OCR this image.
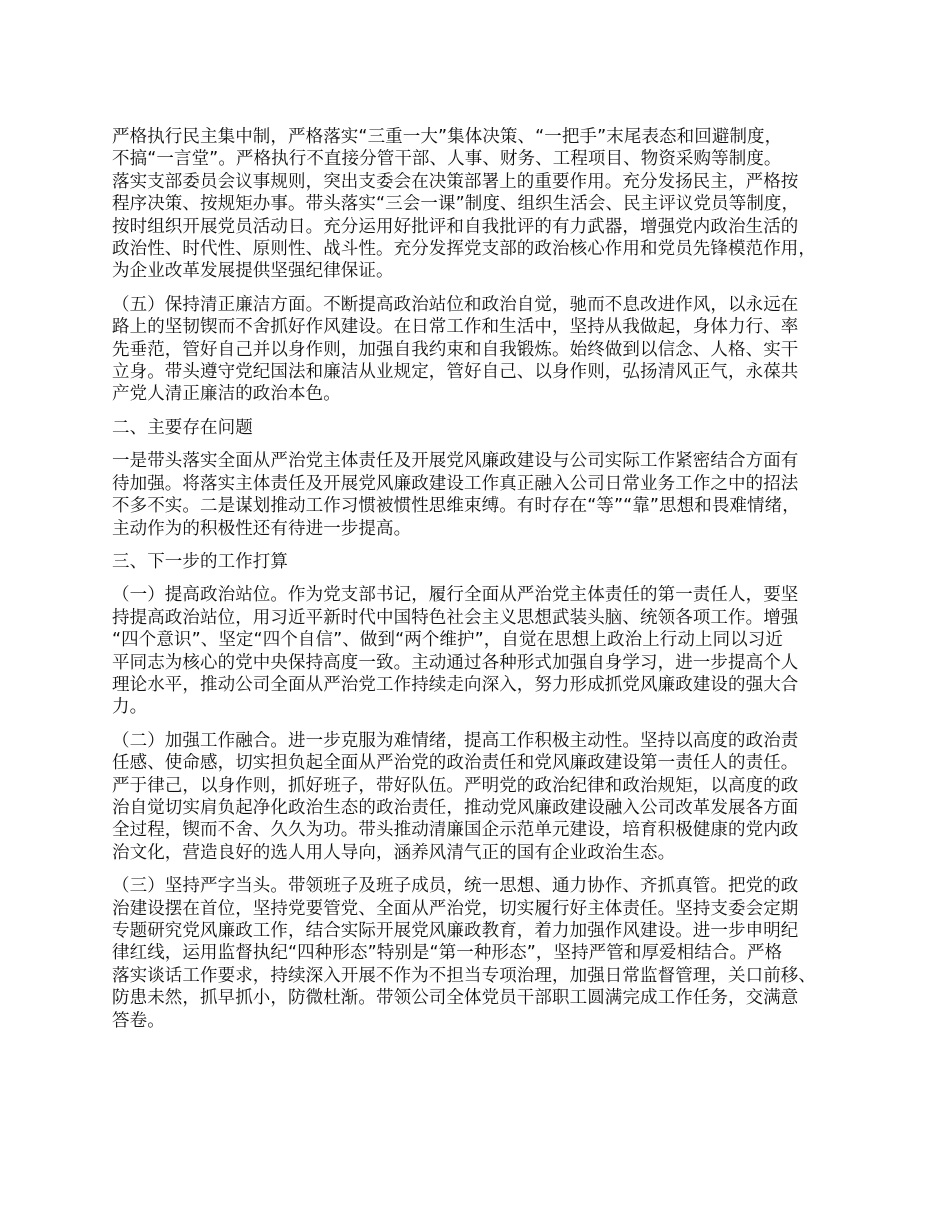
严格执行民主集中制，严格落实“三重一大”集体决策、“一把手”末尾表态和回避制度，
不搞“一言堂”。严格执行不直接分管干部、人事、财务、工程项目、物资采购等制度。
落实支部委员会议事规则，突出支委会在决策部署上的重要作用。充分发扬民主，严格按
程序决策、按规矩办事。带头落实“三会一课”制度、组织生活会、民主评议党员等制度，
按时组织开展党员活动日。充分运用好批评和自我批评的有力武器，增强党内政治生活的
政治性、时代性、原则性、战斗性。充分发挥党支部的政治核心作用和党员先锋模范作用，
为企业改革发展提供坚强纪律保证。
（五）保持清正廉洁方面。不断提高政治站位和政治自觉，驰而不息改进作风，以永远在
路上的坚韧锲而不舍抓好作风建设。在日常工作和生活中，坚持从我做起，身体力行、率
先垂范，管好自己并以身作则，加强自我约束和自我锻炼。始终做到以信念、人格、实干
立身。带头遵守党纪国法和廉洁从业规定，管好自己、以身作则，弘扬清风正气，永葆共
产党人清正廉洁的政治本色。
二、主要存在问题
一是带头落实全面从严治党主体责任及开展党风廉政建设与公司实际工作紧密结合方面有
待加强。将落实主体责任及开展党风廉政建设工作真正融入公司日常业务工作之中的招法
不多不实。二是谋划推动工作习惯被惯性思维束缚。有时存在“等”“靠”思想和畏难情绪，
主动作为的积极性还有待进一步提高。
三、下一步的工作打算
（一）提高政治站位。作为党支部书记，履行全面从严治党主体责任的第一责任人，要坚
持提高政治站位，用习近平新时代中国特色社会主义思想武装头脑、统领各项工作。增强
“四个意识”、坚定“四个自信”、做到“两个维护”，自觉在思想上政治上行动上同以习近
平同志为核心的党中央保持高度一致。主动通过各种形式加强自身学习，进一步提高个人
理论水平，推动公司全面从严治党工作持续走向深入，努力形成抓党风廉政建设的强大合
力。
（二）加强工作融合。进一步克服为难情绪，提高工作积极主动性。坚持以高度的政治责
任感、使命感，切实担负起全面从严治党的政治责任和党风廉政建设第一责任人的责任。
严于律己，以身作则，抓好班子，带好队伍。严明党的政治纪律和政治规矩，以高度的政
治自觉切实肩负起净化政治生态的政治责任，推动党风廉政建设融入公司改革发展各方面
全过程，锲而不舍、久久为功。带头推动清廉国企示范单元建设，培育积极健康的党内政
治文化，营造良好的选人用人导向，涵养风清气正的国有企业政治生态。
（三）坚持严字当头。带领班子及班子成员，统一思想、通力协作、齐抓真管。把党的政
治建设摆在首位，坚持党要管党、全面从严治党，切实履行好主体责任。坚持支委会定期
专题研究党风廉政工作，结合实际开展党风廉政教育，着力加强作风建设。进一步申明纪
律红线，运用监督执纪“四种形态”特别是“第一种形态”，坚持严管和厚爱相结合。严格
落实谈话工作要求，持续深入开展不作为不担当专项治理，加强日常监督管理，关口前移、
防患未然，抓早抓小，防微杜渐。带领公司全体党员干部职工圆满完成工作任务，交满意
答卷。
